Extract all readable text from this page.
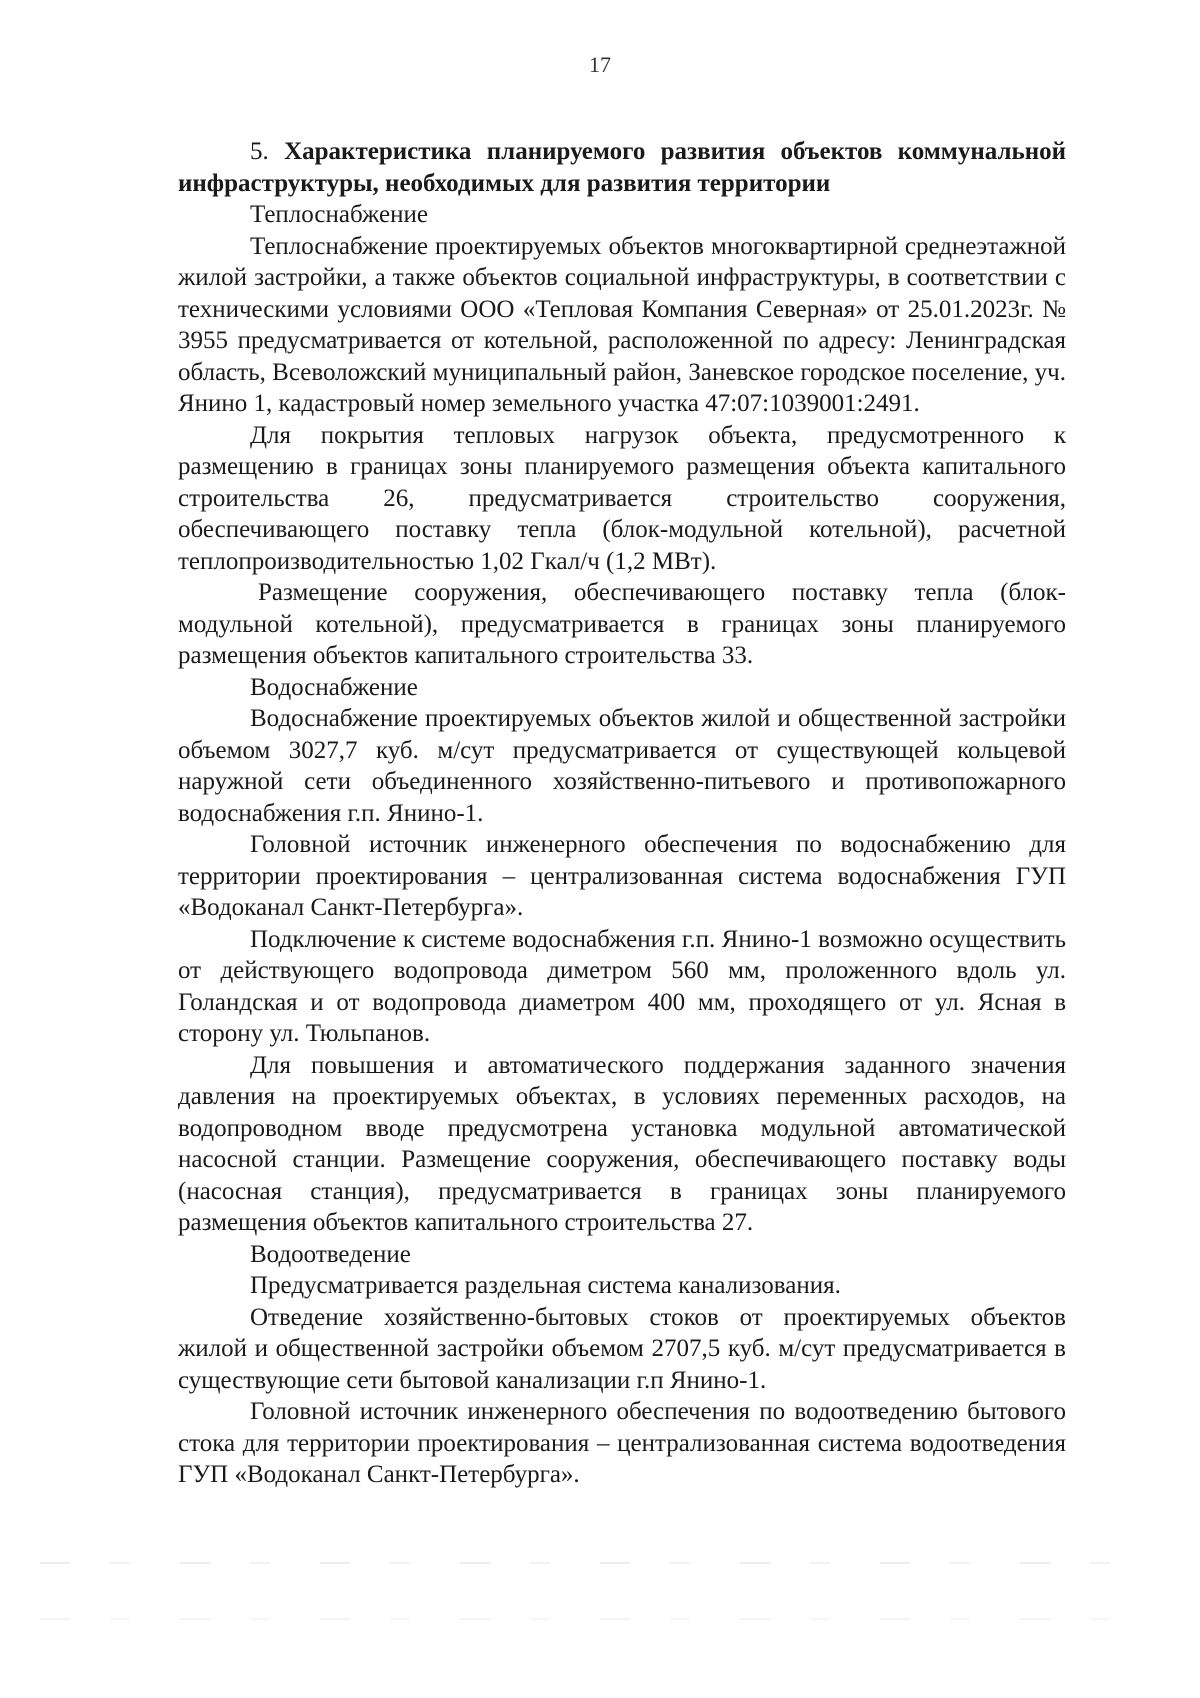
17

5. Характеристика планируемого развития объектов коммунальной инфраструктуры, необходимых для развития территории

Теплоснабжение

Теплоснабжение проектируемых объектов многоквартирной среднеэтажной жилой застройки, а также объектов социальной инфраструктуры, в соответствии с техническими условиями ООО «Тепловая Компания Северная» от 25.01.2023г. № 3955 предусматривается от котельной, расположенной по адресу: Ленинградская область, Всеволожский муниципальный район, Заневское городское поселение, уч. Янино 1, кадастровый номер земельного участка 47:07:1039001:2491.

Для покрытия тепловых нагрузок объекта, предусмотренного к размещению в границах зоны планируемого размещения объекта капитального строительства 26, предусматривается строительство сооружения, обеспечивающего поставку тепла (блок-модульной котельной), расчетной теплопроизводительностью 1,02 Гкал/ч (1,2 МВт).

Размещение сооружения, обеспечивающего поставку тепла (блок-модульной котельной), предусматривается в границах зоны планируемого размещения объектов капитального строительства 33.

Водоснабжение

Водоснабжение проектируемых объектов жилой и общественной застройки объемом 3027,7 куб. м/сут предусматривается от существующей кольцевой наружной сети объединенного хозяйственно-питьевого и противопожарного водоснабжения г.п. Янино-1.

Головной источник инженерного обеспечения по водоснабжению для территории проектирования – централизованная система водоснабжения ГУП «Водоканал Санкт-Петербурга».

Подключение к системе водоснабжения г.п. Янино-1 возможно осуществить от действующего водопровода диметром 560 мм, проложенного вдоль ул. Голандская и от водопровода диаметром 400 мм, проходящего от ул. Ясная в сторону ул. Тюльпанов.

Для повышения и автоматического поддержания заданного значения давления на проектируемых объектах, в условиях переменных расходов, на водопроводном вводе предусмотрена установка модульной автоматической насосной станции. Размещение сооружения, обеспечивающего поставку воды (насосная станция), предусматривается в границах зоны планируемого размещения объектов капитального строительства 27.

Водоотведение

Предусматривается раздельная система канализования.

Отведение хозяйственно-бытовых стоков от проектируемых объектов жилой и общественной застройки объемом 2707,5 куб. м/сут предусматривается в существующие сети бытовой канализации г.п Янино-1.

Головной источник инженерного обеспечения по водоотведению бытового стока для территории проектирования – централизованная система водоотведения ГУП «Водоканал Санкт-Петербурга».
